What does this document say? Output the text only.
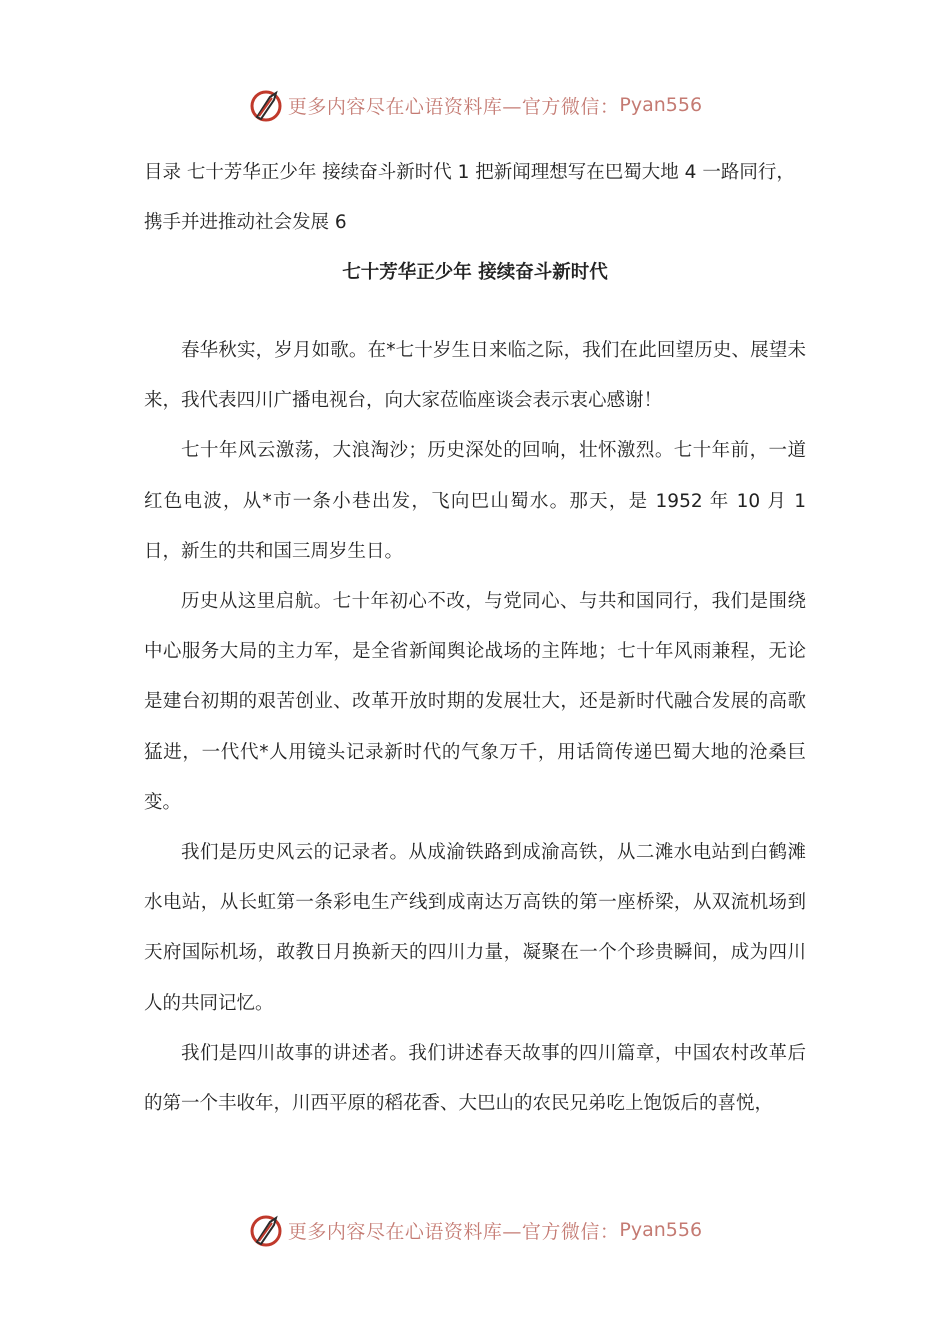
更多内容尽在心语资料库—官方微信： Pyan556

目录 七十芳华正少年 接续奋斗新时代 1 把新闻理想写在巴蜀大地 4 一路同行，携手并进推动社会发展 6

七十芳华正少年 接续奋斗新时代

春华秋实，岁月如歌。在*七十岁生日来临之际，我们在此回望历史、展望未来，我代表四川广播电视台，向大家莅临座谈会表示衷心感谢！

七十年风云激荡，大浪淘沙；历史深处的回响，壮怀激烈。七十年前，一道红色电波，从*市一条小巷出发，飞向巴山蜀水。那天，是 1952 年 10 月 1 日，新生的共和国三周岁生日。

历史从这里启航。七十年初心不改，与党同心、与共和国同行，我们是围绕中心服务大局的主力军，是全省新闻舆论战场的主阵地；七十年风雨兼程，无论是建台初期的艰苦创业、改革开放时期的发展壮大，还是新时代融合发展的高歌猛进，一代代*人用镜头记录新时代的气象万千，用话筒传递巴蜀大地的沧桑巨变。

我们是历史风云的记录者。从成渝铁路到成渝高铁，从二滩水电站到白鹤滩水电站，从长虹第一条彩电生产线到成南达万高铁的第一座桥梁，从双流机场到天府国际机场，敢教日月换新天的四川力量，凝聚在一个个珍贵瞬间，成为四川人的共同记忆。

我们是四川故事的讲述者。我们讲述春天故事的四川篇章，中国农村改革后的第一个丰收年，川西平原的稻花香、大巴山的农民兄弟吃上饱饭后的喜悦，

更多内容尽在心语资料库—官方微信： Pyan556
